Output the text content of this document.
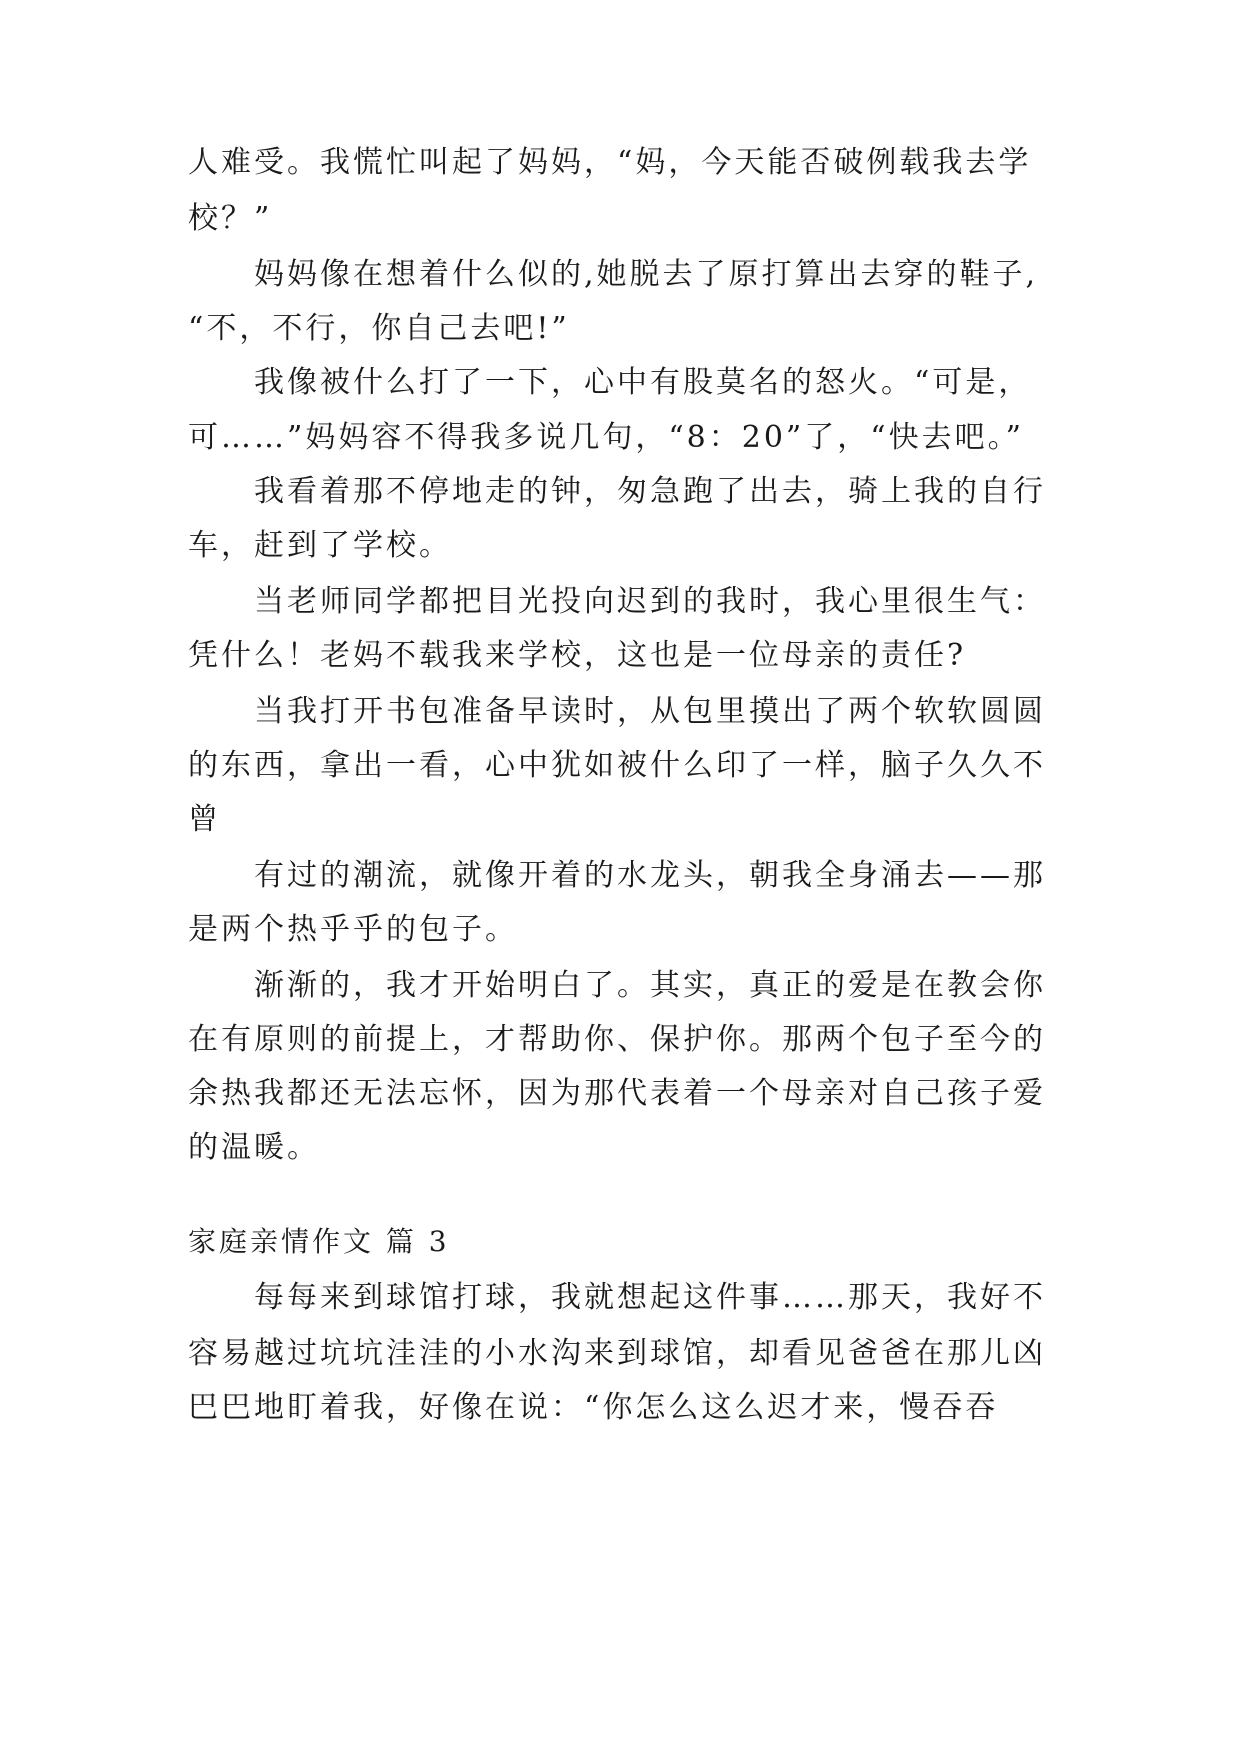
人难受。我慌忙叫起了妈妈，“妈，今天能否破例载我去学
校？”
　　妈妈像在想着什么似的,她脱去了原打算出去穿的鞋子,
“不，不行，你自己去吧!”
　　我像被什么打了一下，心中有股莫名的怒火。“可是，
可……”妈妈容不得我多说几句，“8：20”了，“快去吧。”
　　我看着那不停地走的钟，匆急跑了出去，骑上我的自行
车，赶到了学校。
　　当老师同学都把目光投向迟到的我时，我心里很生气：
凭什么！老妈不载我来学校，这也是一位母亲的责任?
　　当我打开书包准备早读时，从包里摸出了两个软软圆圆
的东西，拿出一看，心中犹如被什么印了一样，脑子久久不
曾
　　有过的潮流，就像开着的水龙头，朝我全身涌去——那
是两个热乎乎的包子。
　　渐渐的，我才开始明白了。其实，真正的爱是在教会你
在有原则的前提上，才帮助你、保护你。那两个包子至今的
余热我都还无法忘怀，因为那代表着一个母亲对自己孩子爱
的温暖。
家庭亲情作文 篇 3
　　每每来到球馆打球，我就想起这件事……那天，我好不
容易越过坑坑洼洼的小水沟来到球馆，却看见爸爸在那儿凶
巴巴地盯着我，好像在说：“你怎么这么迟才来，慢吞吞
